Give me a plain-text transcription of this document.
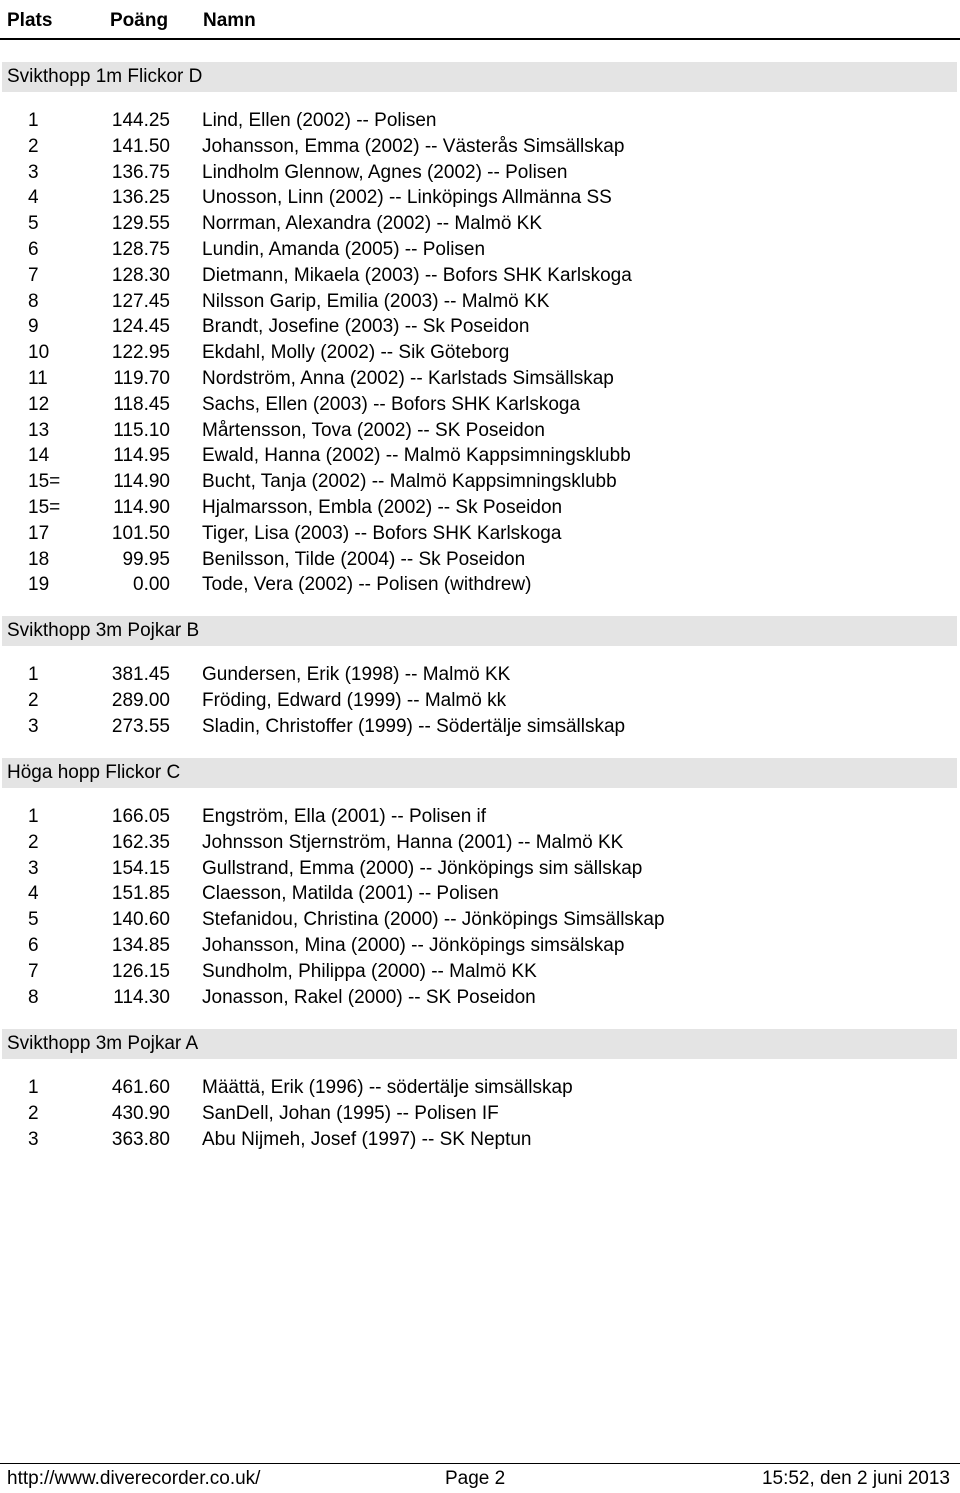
Plats	Poäng Namn
Svikthopp 1m Flickor D
1	144.25 Lind, Ellen (2002) -- Polisen
2	141.50 Johansson, Emma (2002) -- Västerås Simsällskap
3	136.75 Lindholm Glennow, Agnes (2002) -- Polisen
4	136.25 Unosson, Linn (2002) -- Linköpings Allmänna SS
5	129.55 Norrman, Alexandra (2002) -- Malmö KK
6	128.75 Lundin, Amanda (2005) -- Polisen
7	128.30 Dietmann, Mikaela (2003) -- Bofors SHK Karlskoga
8	127.45 Nilsson Garip, Emilia (2003) -- Malmö KK
9	124.45 Brandt, Josefine (2003) -- Sk Poseidon
10	122.95 Ekdahl, Molly (2002) -- Sik Göteborg
11	119.70 Nordström, Anna (2002) -- Karlstads Simsällskap
12	118.45 Sachs, Ellen (2003) -- Bofors SHK Karlskoga
13	115.10 Mårtensson, Tova (2002) -- SK Poseidon
14	114.95 Ewald, Hanna (2002) -- Malmö Kappsimningsklubb
15=	114.90 Bucht, Tanja (2002) -- Malmö Kappsimningsklubb
15=	114.90 Hjalmarsson, Embla (2002) -- Sk Poseidon
17	101.50 Tiger, Lisa (2003) -- Bofors SHK Karlskoga
18	99.95 Benilsson, Tilde (2004) -- Sk Poseidon
19	0.00 Tode, Vera (2002) -- Polisen (withdrew)
Svikthopp 3m Pojkar B
1	381.45 Gundersen, Erik (1998) -- Malmö KK
2	289.00 Fröding, Edward (1999) -- Malmö kk
3	273.55 Sladin, Christoffer (1999) -- Södertälje simsällskap
Höga hopp Flickor C
1	166.05 Engström, Ella (2001) -- Polisen if
2	162.35 Johnsson Stjernström, Hanna (2001) -- Malmö KK
3	154.15 Gullstrand, Emma (2000) -- Jönköpings sim sällskap
4	151.85 Claesson, Matilda (2001) -- Polisen
5	140.60 Stefanidou, Christina (2000) -- Jönköpings Simsällskap
6	134.85 Johansson, Mina (2000) -- Jönköpings simsälskap
7	126.15 Sundholm, Philippa (2000) -- Malmö KK
8	114.30 Jonasson, Rakel (2000) -- SK Poseidon
Svikthopp 3m Pojkar A
1	461.60 Määttä, Erik (1996) -- södertälje simsällskap
2	430.90 SanDell, Johan (1995) -- Polisen IF
3	363.80 Abu Nijmeh, Josef (1997) -- SK Neptun
http://www.diverecorder.co.uk/	Page 2	15:52, den 2 juni 2013
